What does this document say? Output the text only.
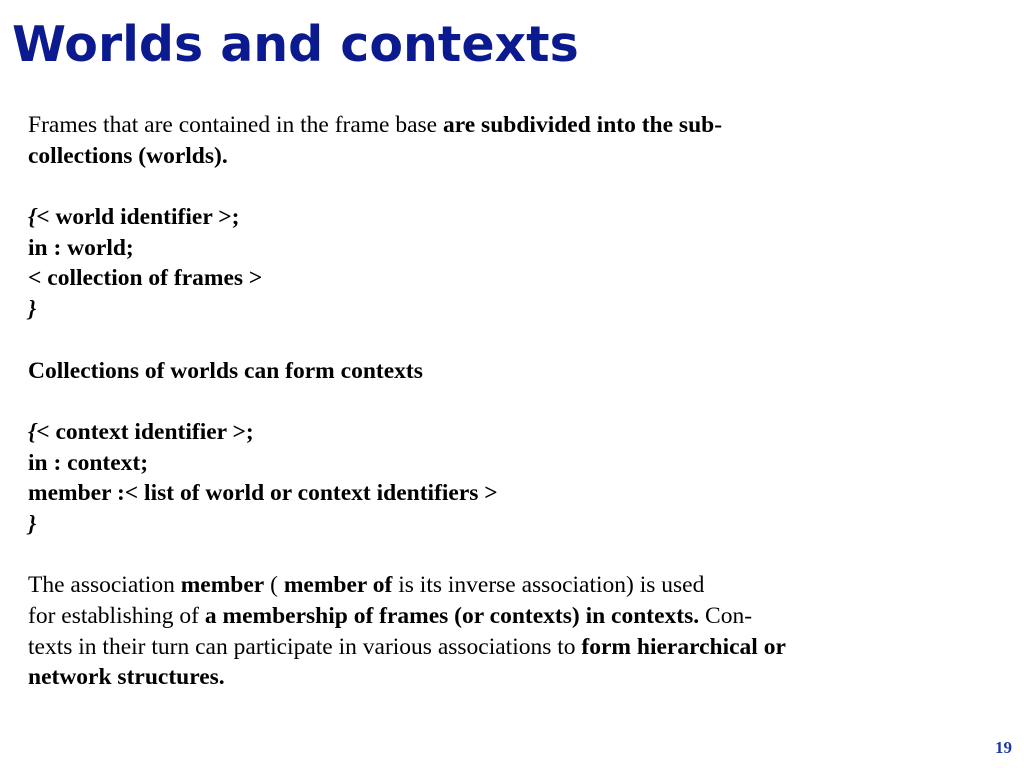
Worlds and contexts
Frames that are contained in the frame base are subdivided into the sub-
collections (worlds).
{< world identifier >;
in : world;
< collection of frames >
}
Collections of worlds can form contexts
{< context identifier >;
in : context;
member :< list of world or context identifiers >
}
The association member ( member of is its inverse association) is used
for establishing of a membership of frames (or contexts) in contexts. Con-
texts in their turn can participate in various associations to form hierarchical or
network structures.
19
